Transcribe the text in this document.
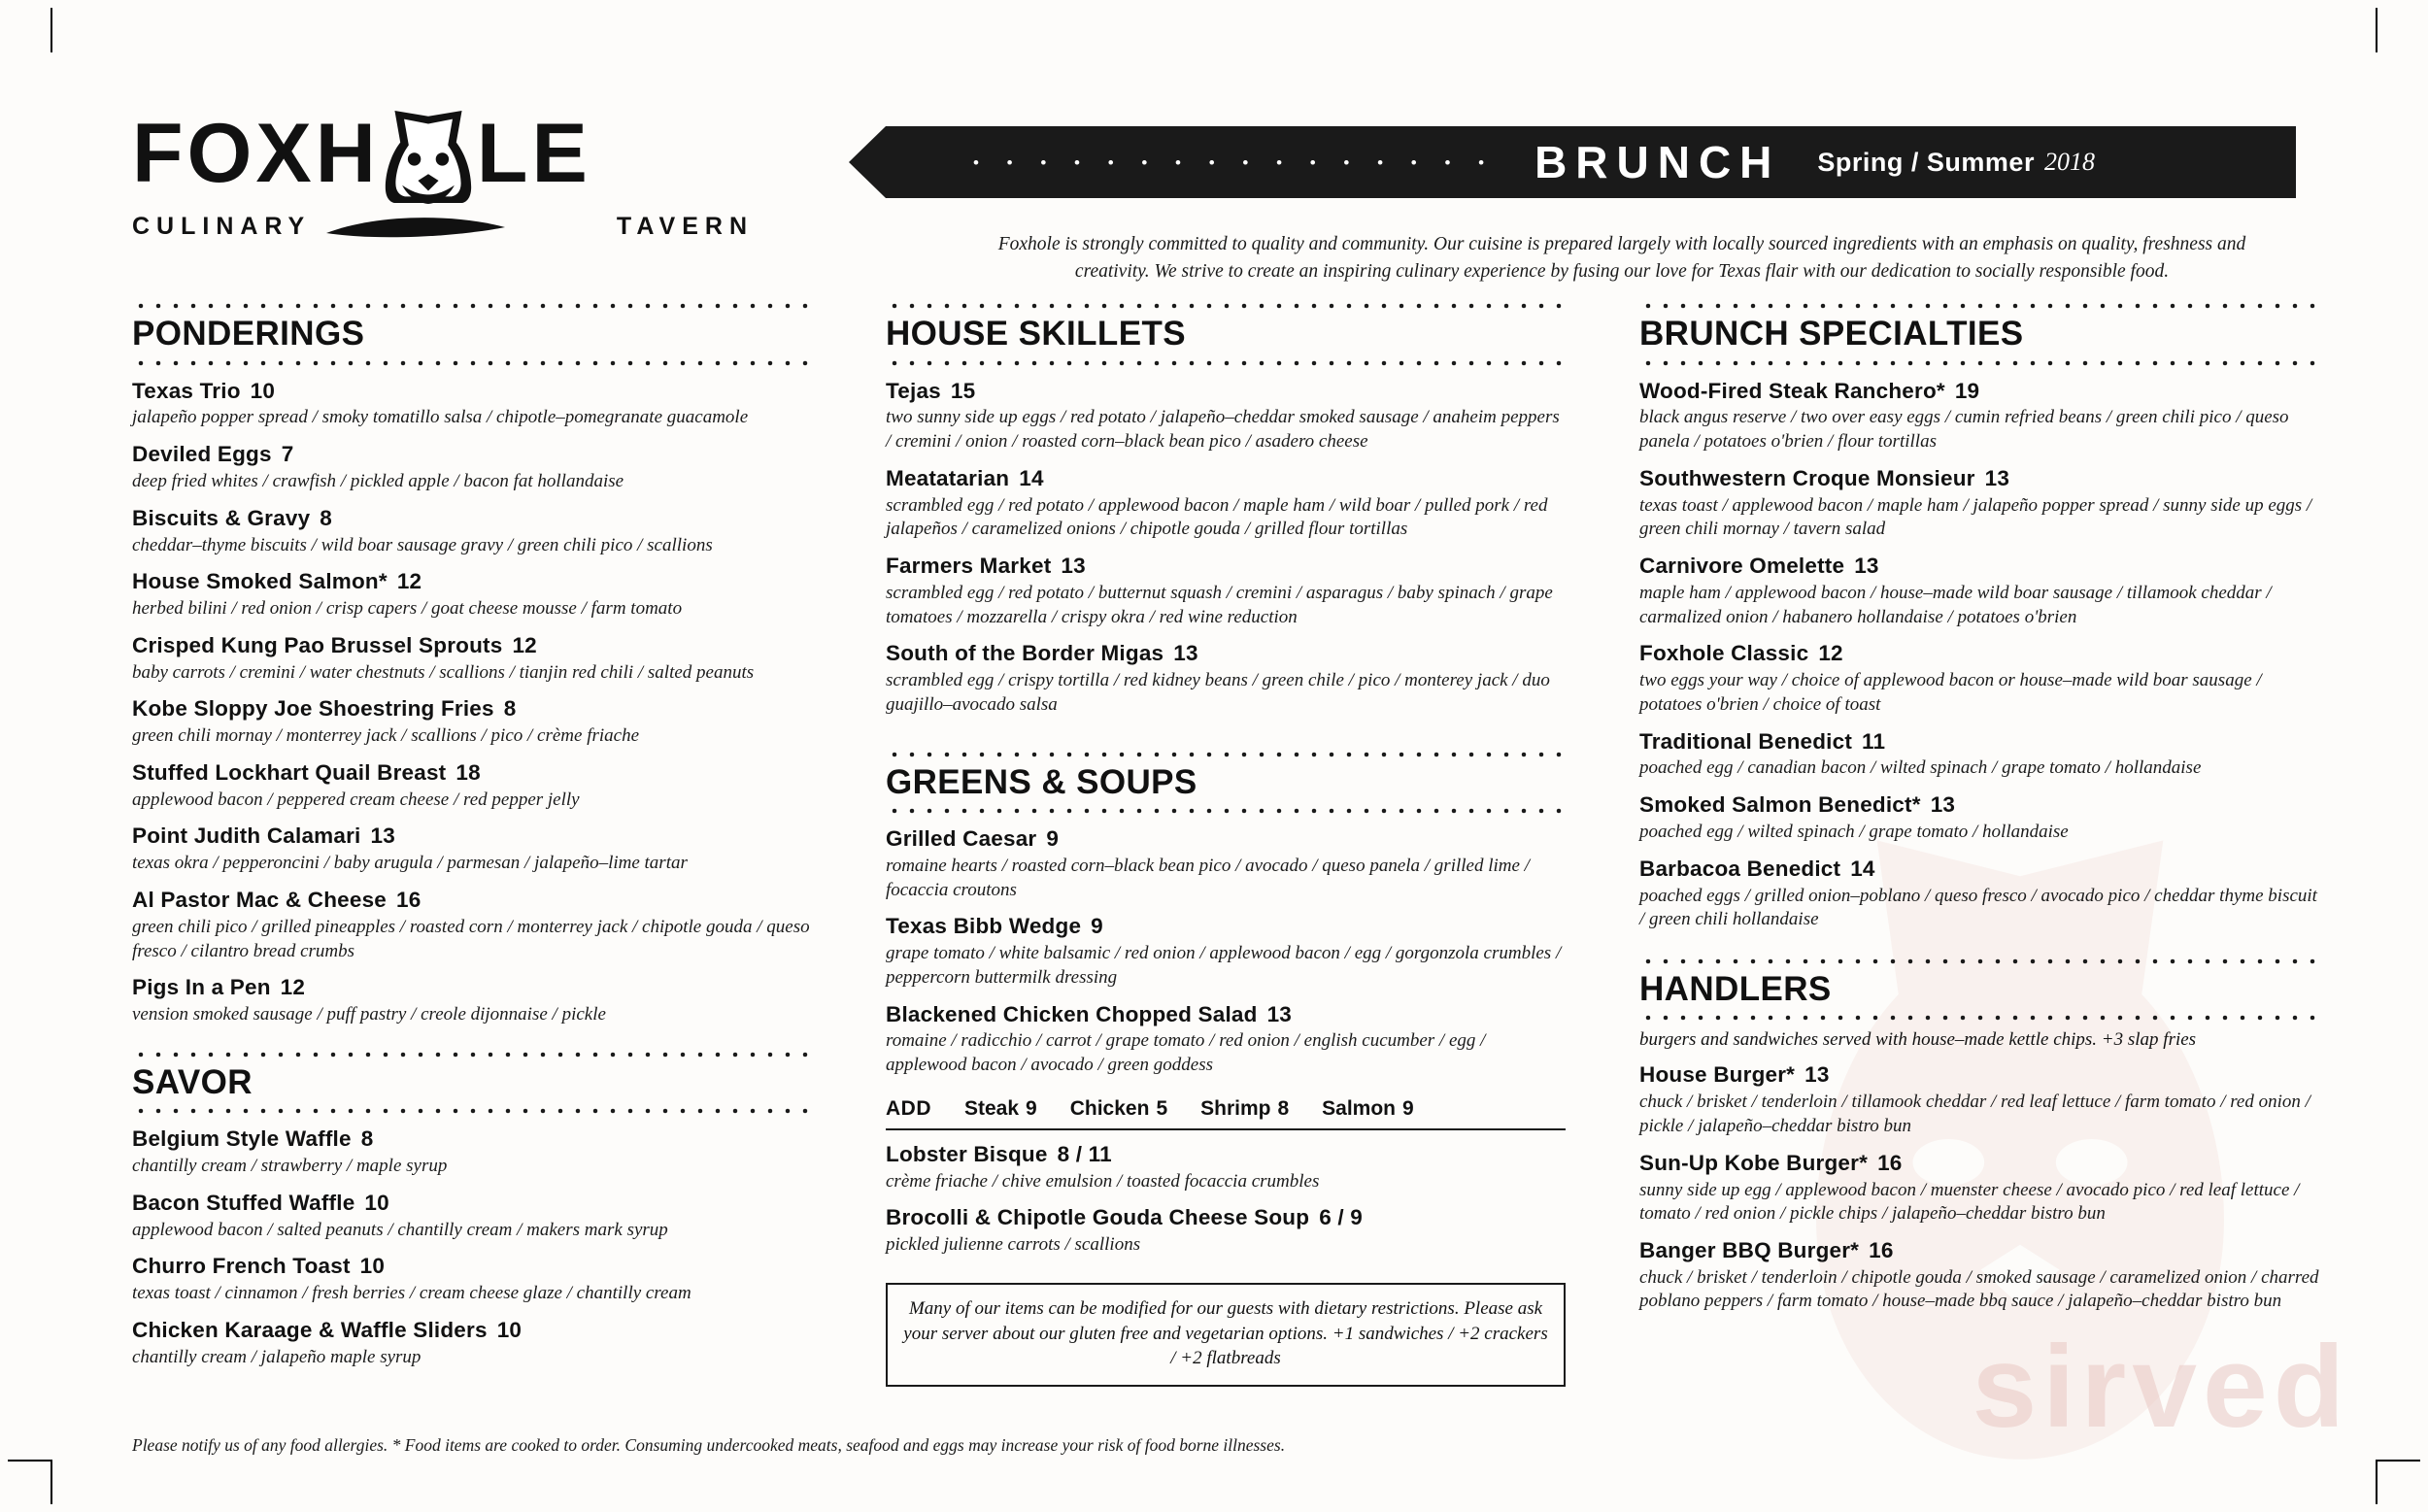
sirved
FOXH LE
CULINARY	TAVERN
• • • • • • • • • • • • • • • • BRUNCH Spring / Summer 2018
Foxhole is strongly committed to quality and community. Our cuisine is prepared largely with locally sourced ingredients with an emphasis on quality, freshness and creativity. We strive to create an inspiring culinary experience by fusing our love for Texas flair with our dedication to socially responsible food.
PONDERINGS
Texas Trio 10
jalapeño popper spread / smoky tomatillo salsa / chipotle–pomegranate guacamole
Deviled Eggs 7
deep fried whites / crawfish / pickled apple / bacon fat hollandaise
Biscuits & Gravy 8
cheddar–thyme biscuits / wild boar sausage gravy / green chili pico / scallions
House Smoked Salmon* 12
herbed bilini / red onion / crisp capers / goat cheese mousse / farm tomato
Crisped Kung Pao Brussel Sprouts 12
baby carrots / cremini / water chestnuts / scallions / tianjin red chili / salted peanuts
Kobe Sloppy Joe Shoestring Fries 8
green chili mornay / monterrey jack / scallions / pico / crème friache
Stuffed Lockhart Quail Breast 18
applewood bacon / peppered cream cheese / red pepper jelly
Point Judith Calamari 13
texas okra / pepperoncini / baby arugula / parmesan / jalapeño–lime tartar
Al Pastor Mac & Cheese 16
green chili pico / grilled pineapples / roasted corn / monterrey jack / chipotle gouda / queso fresco / cilantro bread crumbs
Pigs In a Pen 12
vension smoked sausage / puff pastry / creole dijonnaise / pickle
SAVOR
Belgium Style Waffle 8
chantilly cream / strawberry / maple syrup
Bacon Stuffed Waffle 10
applewood bacon / salted peanuts / chantilly cream / makers mark syrup
Churro French Toast 10
texas toast / cinnamon / fresh berries / cream cheese glaze / chantilly cream
Chicken Karaage & Waffle Sliders 10
chantilly cream / jalapeño maple syrup
HOUSE SKILLETS
Tejas 15
two sunny side up eggs / red potato / jalapeño–cheddar smoked sausage / anaheim peppers / cremini / onion / roasted corn–black bean pico / asadero cheese
Meatatarian 14
scrambled egg / red potato / applewood bacon / maple ham / wild boar / pulled pork / red jalapeños / caramelized onions / chipotle gouda / grilled flour tortillas
Farmers Market 13
scrambled egg / red potato / butternut squash / cremini / asparagus / baby spinach / grape tomatoes / mozzarella / crispy okra / red wine reduction
South of the Border Migas 13
scrambled egg / crispy tortilla / red kidney beans / green chile / pico / monterey jack / duo guajillo–avocado salsa
GREENS & SOUPS
Grilled Caesar 9
romaine hearts / roasted corn–black bean pico / avocado / queso panela / grilled lime / focaccia croutons
Texas Bibb Wedge 9
grape tomato / white balsamic / red onion / applewood bacon / egg / gorgonzola crumbles / peppercorn buttermilk dressing
Blackened Chicken Chopped Salad 13
romaine / radicchio / carrot / grape tomato / red onion / english cucumber / egg / applewood bacon / avocado / green goddess
ADD Steak 9 Chicken 5 Shrimp 8 Salmon 9
Lobster Bisque 8 / 11
crème friache / chive emulsion / toasted focaccia crumbles
Brocolli & Chipotle Gouda Cheese Soup 6 / 9
pickled julienne carrots / scallions
Many of our items can be modified for our guests with dietary restrictions. Please ask your server about our gluten free and vegetarian options. +1 sandwiches / +2 crackers / +2 flatbreads
BRUNCH SPECIALTIES
Wood-Fired Steak Ranchero* 19
black angus reserve / two over easy eggs / cumin refried beans / green chili pico / queso panela / potatoes o'brien / flour tortillas
Southwestern Croque Monsieur 13
texas toast / applewood bacon / maple ham / jalapeño popper spread / sunny side up eggs / green chili mornay / tavern salad
Carnivore Omelette 13
maple ham / applewood bacon / house–made wild boar sausage / tillamook cheddar / carmalized onion / habanero hollandaise / potatoes o'brien
Foxhole Classic 12
two eggs your way / choice of applewood bacon or house–made wild boar sausage / potatoes o'brien / choice of toast
Traditional Benedict 11
poached egg / canadian bacon / wilted spinach / grape tomato / hollandaise
Smoked Salmon Benedict* 13
poached egg / wilted spinach / grape tomato / hollandaise
Barbacoa Benedict 14
poached eggs / grilled onion–poblano / queso fresco / avocado pico / cheddar thyme biscuit / green chili hollandaise
HANDLERS
burgers and sandwiches served with house–made kettle chips. +3 slap fries
House Burger* 13
chuck / brisket / tenderloin / tillamook cheddar / red leaf lettuce / farm tomato / red onion / pickle / jalapeño–cheddar bistro bun
Sun-Up Kobe Burger* 16
sunny side up egg / applewood bacon / muenster cheese / avocado pico / red leaf lettuce / tomato / red onion / pickle chips / jalapeño–cheddar bistro bun
Banger BBQ Burger* 16
chuck / brisket / tenderloin / chipotle gouda / smoked sausage / caramelized onion / charred poblano peppers / farm tomato / house–made bbq sauce / jalapeño–cheddar bistro bun
Please notify us of any food allergies. * Food items are cooked to order. Consuming undercooked meats, seafood and eggs may increase your risk of food borne illnesses.
